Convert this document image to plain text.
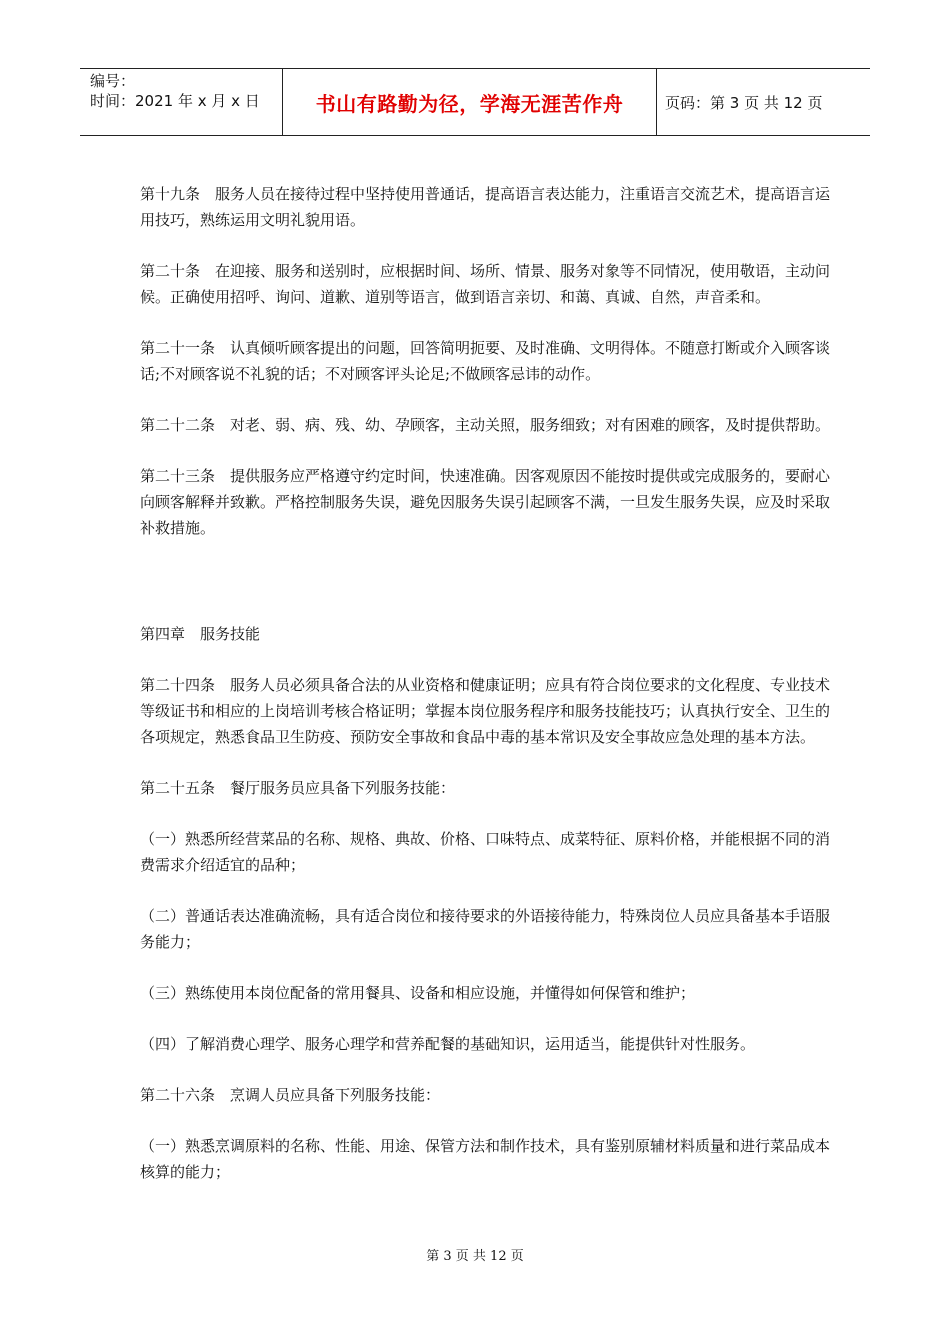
编号：
时间：2021 年 x 月 x 日	书山有路勤为径，学海无涯苦作舟	页码：第 3 页 共 12 页

第十九条　服务人员在接待过程中坚持使用普通话，提高语言表达能力，注重语言交流艺术，提高语言运用技巧，熟练运用文明礼貌用语。

第二十条　在迎接、服务和送别时，应根据时间、场所、情景、服务对象等不同情况，使用敬语，主动问候。正确使用招呼、询问、道歉、道别等语言，做到语言亲切、和蔼、真诚、自然，声音柔和。

第二十一条　认真倾听顾客提出的问题，回答简明扼要、及时准确、文明得体。不随意打断或介入顾客谈话;不对顾客说不礼貌的话；不对顾客评头论足;不做顾客忌讳的动作。

第二十二条　对老、弱、病、残、幼、孕顾客，主动关照，服务细致；对有困难的顾客，及时提供帮助。

第二十三条　提供服务应严格遵守约定时间，快速准确。因客观原因不能按时提供或完成服务的，要耐心向顾客解释并致歉。严格控制服务失误，避免因服务失误引起顾客不满，一旦发生服务失误，应及时采取补救措施。

第四章　服务技能

第二十四条　服务人员必须具备合法的从业资格和健康证明；应具有符合岗位要求的文化程度、专业技术等级证书和相应的上岗培训考核合格证明；掌握本岗位服务程序和服务技能技巧；认真执行安全、卫生的各项规定，熟悉食品卫生防疫、预防安全事故和食品中毒的基本常识及安全事故应急处理的基本方法。

第二十五条　餐厅服务员应具备下列服务技能：

（一）熟悉所经营菜品的名称、规格、典故、价格、口味特点、成菜特征、原料价格，并能根据不同的消费需求介绍适宜的品种；

（二）普通话表达准确流畅，具有适合岗位和接待要求的外语接待能力，特殊岗位人员应具备基本手语服务能力；

（三）熟练使用本岗位配备的常用餐具、设备和相应设施，并懂得如何保管和维护；

（四）了解消费心理学、服务心理学和营养配餐的基础知识，运用适当，能提供针对性服务。

第二十六条　烹调人员应具备下列服务技能：

（一）熟悉烹调原料的名称、性能、用途、保管方法和制作技术，具有鉴别原辅材料质量和进行菜品成本核算的能力；

第 3 页 共 12 页
